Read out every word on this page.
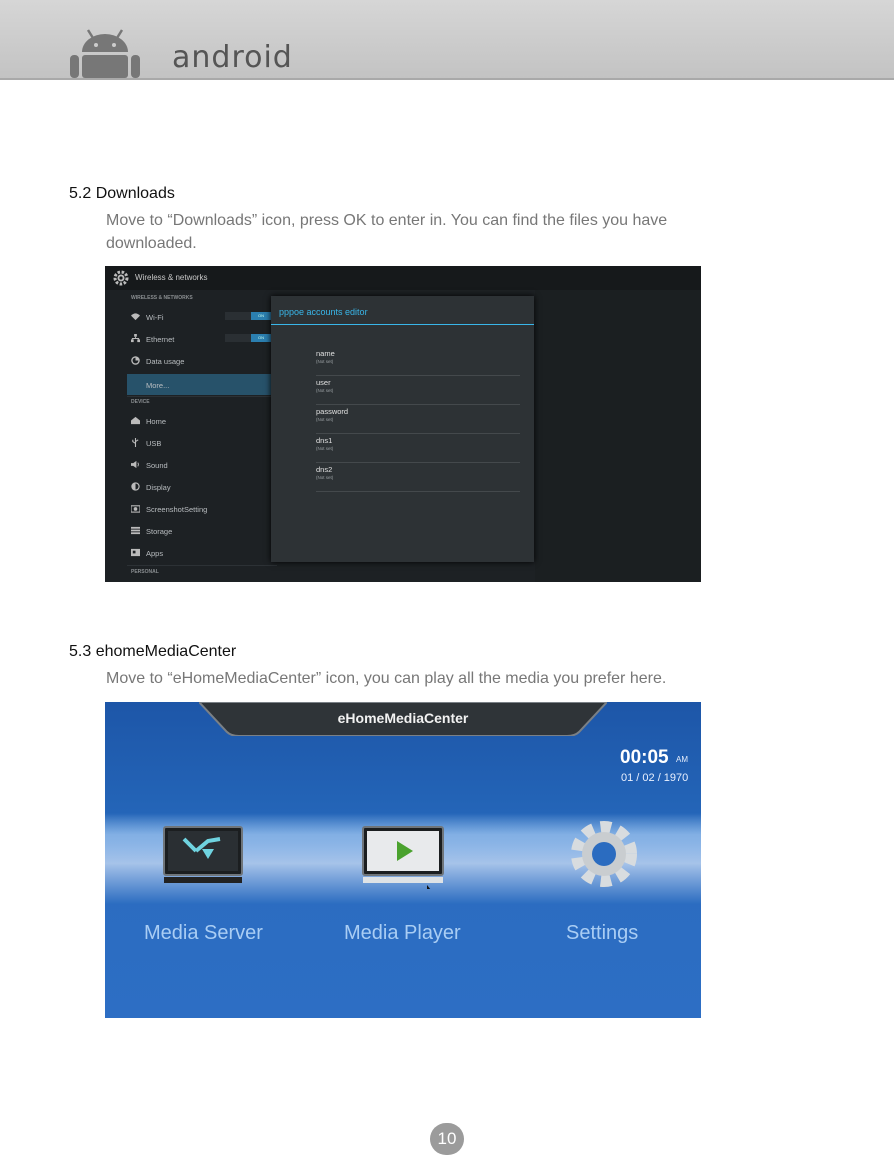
android
5.2 Downloads
Move to “Downloads” icon, press OK to enter in. You can find the files you have
downloaded.
Wireless & networks
WIRELESS & NETWORKS
Wi-Fi	ON
Ethernet	ON
Data usage
More...
DEVICE
Home
USB
Sound
Display
ScreenshotSetting
Storage
Apps
PERSONAL
pppoe accounts editor
name
(Not set)
user
(Not set)
password
(Not set)
dns1
(Not set)
dns2
(Not set)
5.3 ehomeMediaCenter
Move to “eHomeMediaCenter” icon, you can play all the media you prefer here.
eHomeMediaCenter
00:05 AM
01 / 02 / 1970
Media Server	Media Player	Settings
10
